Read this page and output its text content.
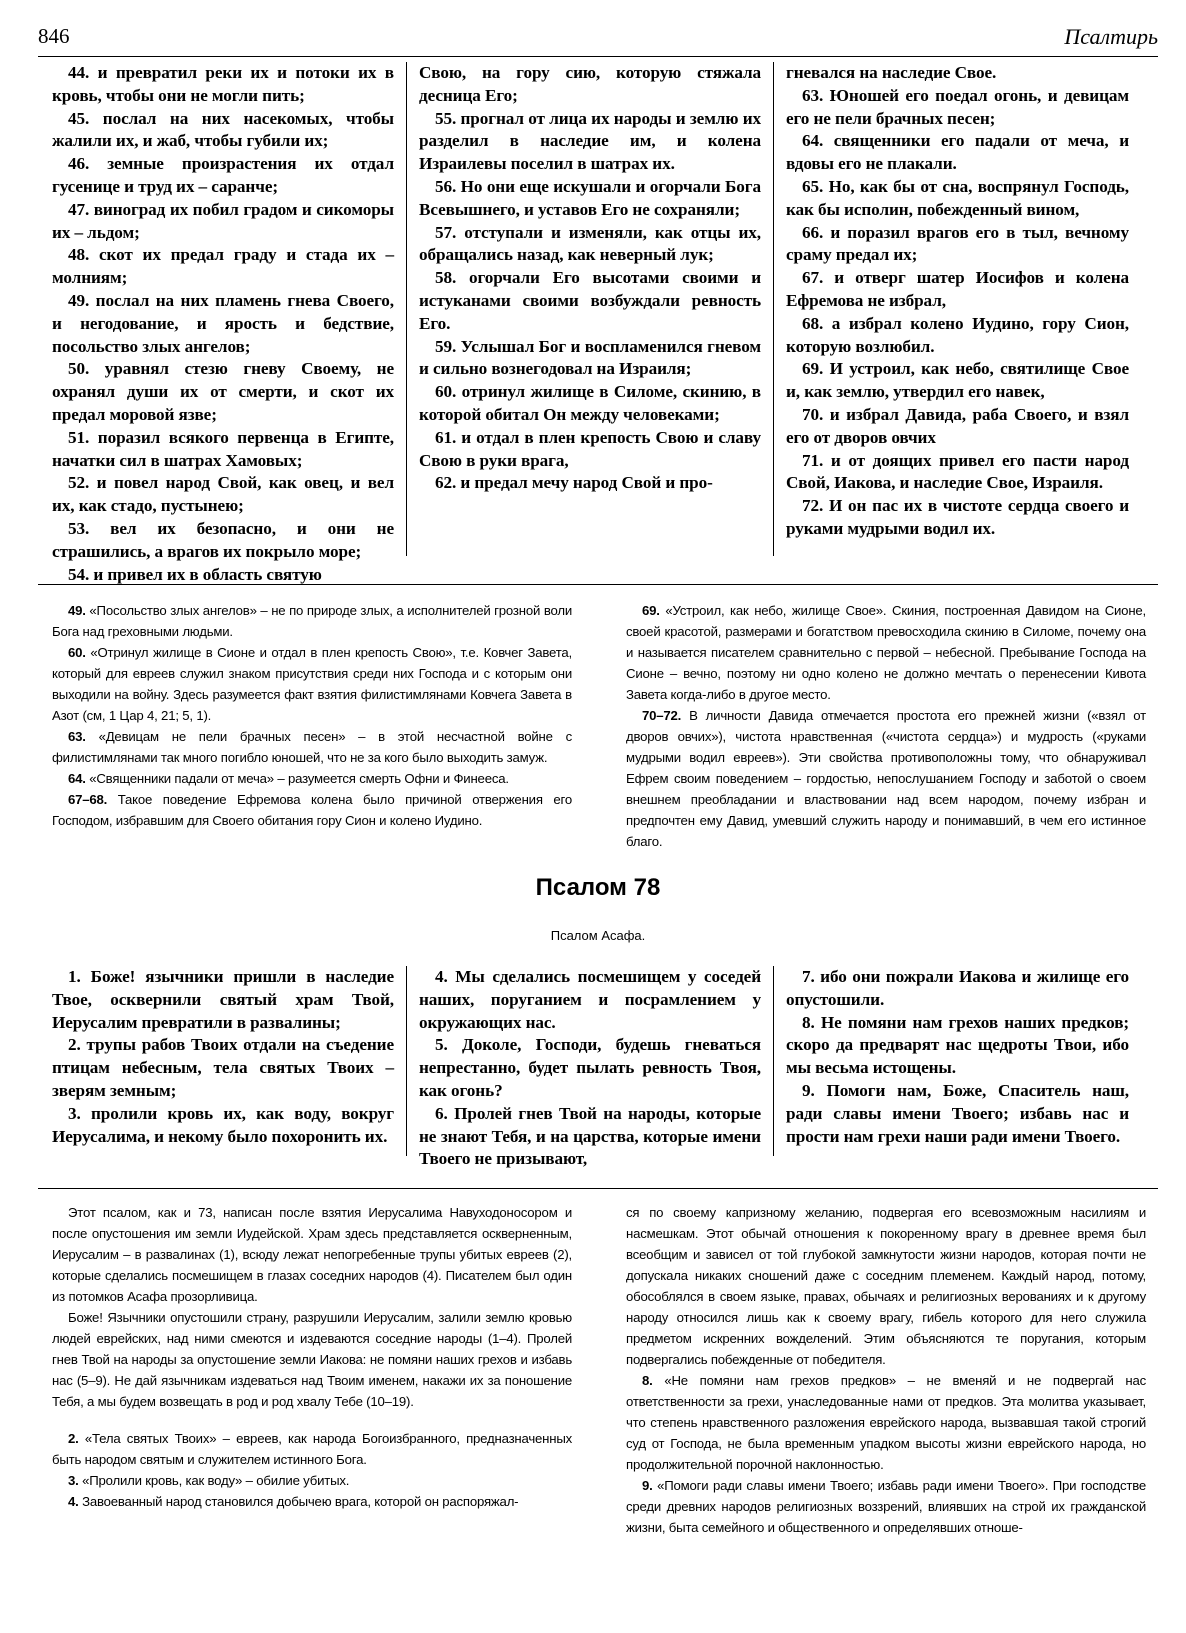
846	Псалтирь

44. и превратил реки их и потоки их в кровь, чтобы они не могли пить;

45. послал на них насекомых, чтобы жалили их, и жаб, чтобы губили их;

46. земные произрастения их отдал гусенице и труд их – саранче;

47. виноград их побил градом и сикоморы их – льдом;

48. скот их предал граду и стада их – молниям;

49. послал на них пламень гнева Своего, и негодование, и ярость и бедствие, посольство злых ангелов;

50. уравнял стезю гневу Своему, не охранял души их от смерти, и скот их предал моровой язве;

51. поразил всякого первенца в Египте, начатки сил в шатрах Хамовых;

52. и повел народ Свой, как овец, и вел их, как стадо, пустынею;

53. вел их безопасно, и они не страшились, а врагов их покрыло море;

54. и привел их в область святую

Свою, на гору сию, которую стяжала десница Его;

55. прогнал от лица их народы и землю их разделил в наследие им, и колена Израилевы поселил в шатрах их.

56. Но они еще искушали и огорчали Бога Всевышнего, и уставов Его не сохраняли;

57. отступали и изменяли, как отцы их, обращались назад, как неверный лук;

58. огорчали Его высотами своими и истуканами своими возбуждали ревность Его.

59. Услышал Бог и воспламенился гневом и сильно вознегодовал на Израиля;

60. отринул жилище в Силоме, скинию, в которой обитал Он между человеками;

61. и отдал в плен крепость Свою и славу Свою в руки врага,

62. и предал мечу народ Свой и про-

гневался на наследие Свое.

63. Юношей его поедал огонь, и девицам его не пели брачных песен;

64. священники его падали от меча, и вдовы его не плакали.

65. Но, как бы от сна, воспрянул Господь, как бы исполин, побежденный вином,

66. и поразил врагов его в тыл, вечному сраму предал их;

67. и отверг шатер Иосифов и колена Ефремова не избрал,

68. а избрал колено Иудино, гору Сион, которую возлюбил.

69. И устроил, как небо, святилище Свое и, как землю, утвердил его навек,

70. и избрал Давида, раба Своего, и взял его от дворов овчих

71. и от доящих привел его пасти народ Свой, Иакова, и наследие Свое, Израиля.

72. И он пас их в чистоте сердца своего и руками мудрыми водил их.

49. «Посольство злых ангелов» – не по природе злых, а исполнителей грозной воли Бога над греховными людьми.

60. «Отринул жилище в Сионе и отдал в плен крепость Свою», т.е. Ковчег Завета, который для евреев служил знаком присутствия среди них Господа и с которым они выходили на войну. Здесь разумеется факт взятия филистимлянами Ковчега Завета в Азот (см, 1 Цар 4, 21; 5, 1).

63. «Девицам не пели брачных песен» – в этой несчастной войне с филистимлянами так много погибло юношей, что не за кого было выходить замуж.

64. «Священники падали от меча» – разумеется смерть Офни и Финееса.

67–68. Такое поведение Ефремова колена было причиной отвержения его Господом, избравшим для Своего обитания гору Сион и колено Иудино.

69. «Устроил, как небо, жилище Свое». Скиния, построенная Давидом на Сионе, своей красотой, размерами и богатством превосходила скинию в Силоме, почему она и называется писателем сравнительно с первой – небесной. Пребывание Господа на Сионе – вечно, поэтому ни одно колено не должно мечтать о перенесении Кивота Завета когда-либо в другое место.

70–72. В личности Давида отмечается простота его прежней жизни («взял от дворов овчих»), чистота нравственная («чистота сердца») и мудрость («руками мудрыми водил евреев»). Эти свойства противоположны тому, что обнаруживал Ефрем своим поведением – гордостью, непослушанием Господу и заботой о своем внешнем преобладании и властвовании над всем народом, почему избран и предпочтен ему Давид, умевший служить народу и понимавший, в чем его истинное благо.

Псалом 78
Псалом Асафа.

1. Боже! язычники пришли в наследие Твое, осквернили святый храм Твой, Иерусалим превратили в развалины;

2. трупы рабов Твоих отдали на съедение птицам небесным, тела святых Твоих – зверям земным;

3. пролили кровь их, как воду, вокруг Иерусалима, и некому было похоронить их.

4. Мы сделались посмешищем у соседей наших, поруганием и посрамлением у окружающих нас.

5. Доколе, Господи, будешь гневаться непрестанно, будет пылать ревность Твоя, как огонь?

6. Пролей гнев Твой на народы, которые не знают Тебя, и на царства, которые имени Твоего не призывают,

7. ибо они пожрали Иакова и жилище его опустошили.

8. Не помяни нам грехов наших предков; скоро да предварят нас щедроты Твои, ибо мы весьма истощены.

9. Помоги нам, Боже, Спаситель наш, ради славы имени Твоего; избавь нас и прости нам грехи наши ради имени Твоего.

Этот псалом, как и 73, написан после взятия Иерусалима Навуходоносором и после опустошения им земли Иудейской. Храм здесь представляется оскверненным, Иерусалим – в развалинах (1), всюду лежат непогребенные трупы убитых евреев (2), которые сделались посмешищем в глазах соседних народов (4). Писателем был один из потомков Асафа прозорливица.

Боже! Язычники опустошили страну, разрушили Иерусалим, залили землю кровью людей еврейских, над ними смеются и издеваются соседние народы (1–4). Пролей гнев Твой на народы за опустошение земли Иакова: не помяни наших грехов и избавь нас (5–9). Не дай язычникам издеваться над Твоим именем, накажи их за поношение Тебя, а мы будем возвещать в род и род хвалу Тебе (10–19).

2. «Тела святых Твоих» – евреев, как народа Богоизбранного, предназначенных быть народом святым и служителем истинного Бога.

3. «Пролили кровь, как воду» – обилие убитых.

4. Завоеванный народ становился добычею врага, которой он распоряжал-

ся по своему капризному желанию, подвергая его всевозможным насилиям и насмешкам. Этот обычай отношения к покоренному врагу в древнее время был всеобщим и зависел от той глубокой замкнутости жизни народов, которая почти не допускала никаких сношений даже с соседним племенем. Каждый народ, потому, обособлялся в своем языке, правах, обычаях и религиозных верованиях и к другому народу относился лишь как к своему врагу, гибель которого для него служила предметом искренних вожделений. Этим объясняются те поругания, которым подвергались побежденные от победителя.

8. «Не помяни нам грехов предков» – не вменяй и не подвергай нас ответственности за грехи, унаследованные нами от предков. Эта молитва указывает, что степень нравственного разложения еврейского народа, вызвавшая такой строгий суд от Господа, не была временным упадком высоты жизни еврейского народа, но продолжительной порочной наклонностью.

9. «Помоги ради славы имени Твоего; избавь ради имени Твоего». При господстве среди древних народов религиозных воззрений, влиявших на строй их гражданской жизни, быта семейного и общественного и определявших отноше-
